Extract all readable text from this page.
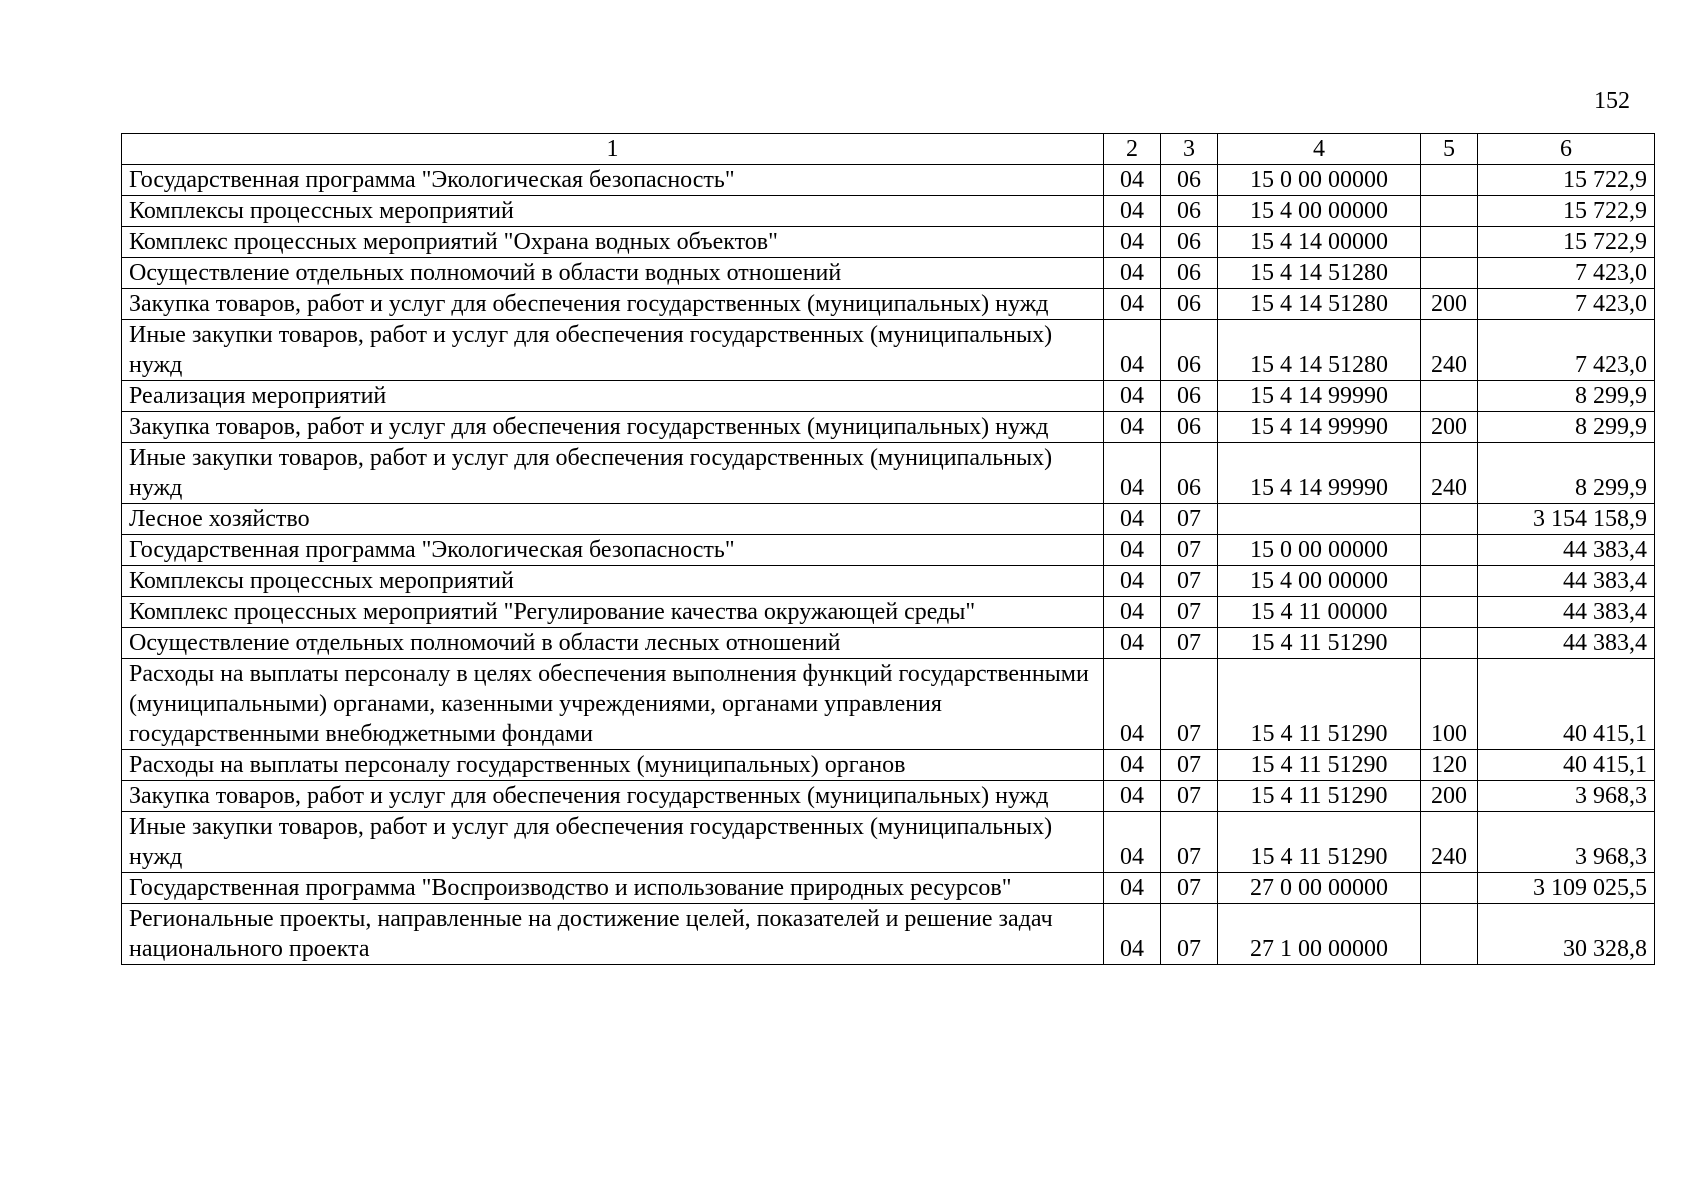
152
1	2	3	4	5	6
Государственная программа "Экологическая безопасность"	04	06	15 0 00 00000		15 722,9
Комплексы процессных мероприятий	04	06	15 4 00 00000		15 722,9
Комплекс процессных мероприятий "Охрана водных объектов"	04	06	15 4 14 00000		15 722,9
Осуществление отдельных полномочий в области водных отношений	04	06	15 4 14 51280		7 423,0
Закупка товаров, работ и услуг для обеспечения государственных (муниципальных) нужд	04	06	15 4 14 51280	200	7 423,0
Иные закупки товаров, работ и услуг для обеспечения государственных (муниципальных) нужд	04	06	15 4 14 51280	240	7 423,0
Реализация мероприятий	04	06	15 4 14 99990		8 299,9
Закупка товаров, работ и услуг для обеспечения государственных (муниципальных) нужд	04	06	15 4 14 99990	200	8 299,9
Иные закупки товаров, работ и услуг для обеспечения государственных (муниципальных) нужд	04	06	15 4 14 99990	240	8 299,9
Лесное хозяйство	04	07			3 154 158,9
Государственная программа "Экологическая безопасность"	04	07	15 0 00 00000		44 383,4
Комплексы процессных мероприятий	04	07	15 4 00 00000		44 383,4
Комплекс процессных мероприятий "Регулирование качества окружающей среды"	04	07	15 4 11 00000		44 383,4
Осуществление отдельных полномочий в области лесных отношений	04	07	15 4 11 51290		44 383,4
Расходы на выплаты персоналу в целях обеспечения выполнения функций государственными (муниципальными) органами, казенными учреждениями, органами управления государственными внебюджетными фондами	04	07	15 4 11 51290	100	40 415,1
Расходы на выплаты персоналу государственных (муниципальных) органов	04	07	15 4 11 51290	120	40 415,1
Закупка товаров, работ и услуг для обеспечения государственных (муниципальных) нужд	04	07	15 4 11 51290	200	3 968,3
Иные закупки товаров, работ и услуг для обеспечения государственных (муниципальных) нужд	04	07	15 4 11 51290	240	3 968,3
Государственная программа "Воспроизводство и использование природных ресурсов"	04	07	27 0 00 00000		3 109 025,5
Региональные проекты, направленные на достижение целей, показателей и решение задач национального проекта	04	07	27 1 00 00000		30 328,8
